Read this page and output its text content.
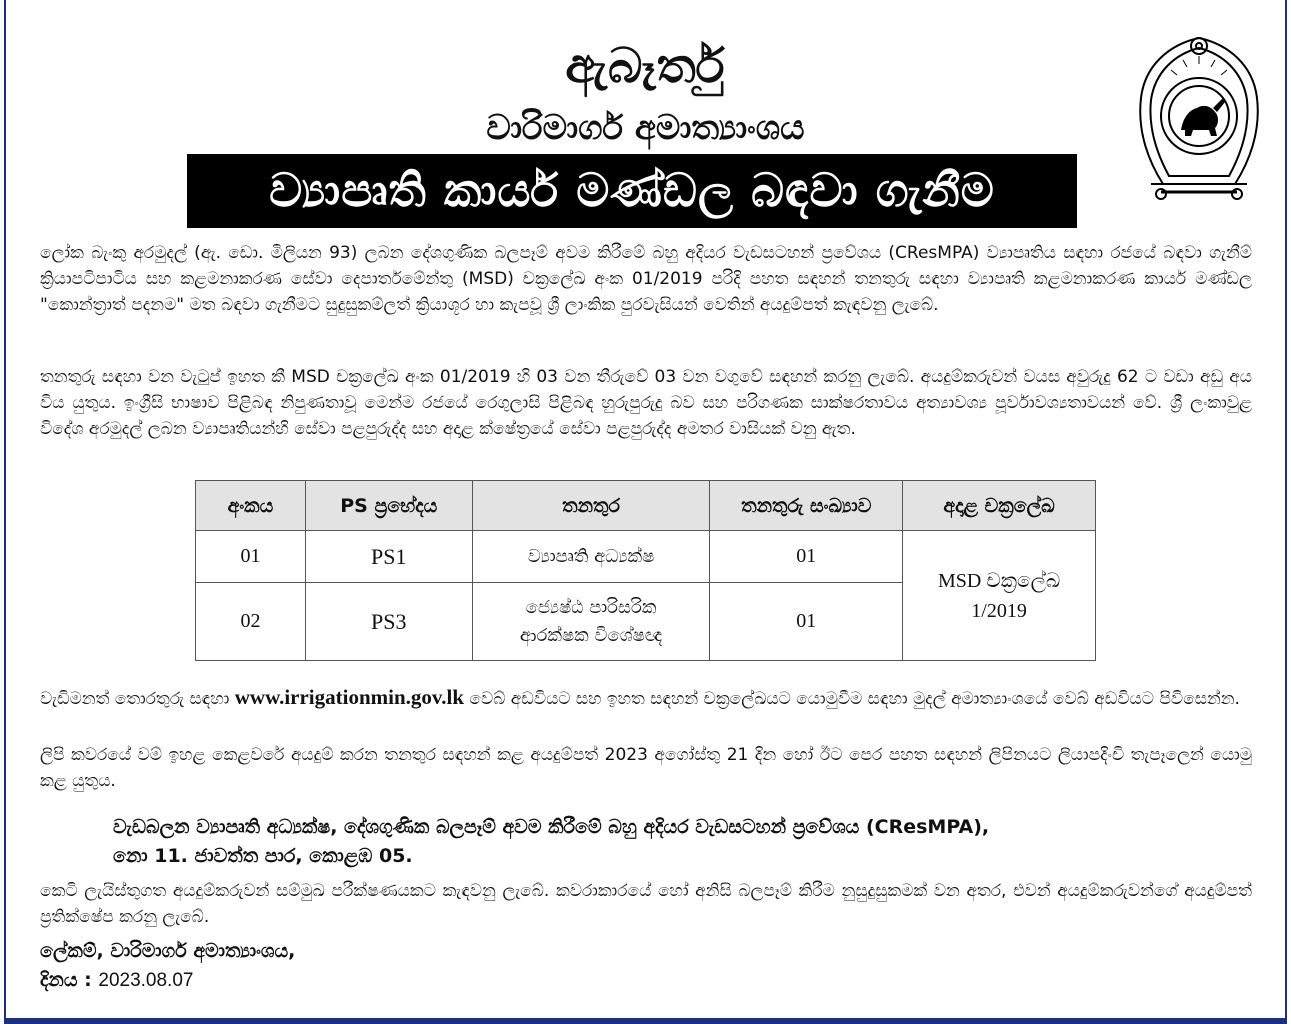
ඇබෑර්තු
වාරිමාර්ග අමාත්‍යාංශය
ව්‍යාපෘති කාර්ය මණ්ඩල බඳවා ගැනීම
ලෝක බැංකු අරමුදල් (ඇ. ඩො. මිලියන 93) ලබන දේශගුණික බලපෑම් අවම කිරීමේ බහු අදියර වැඩසටහන් ප්‍රවේශය (CResMPA) ව්‍යාපෘතිය සඳහා රජයේ බඳවා ගැනීම් ක්‍රියාපටිපාටිය සහ කළමනාකරණ සේවා දෙපාර්තමේන්තු (MSD) චක්‍රලේඛ අංක 01/2019 පරිදි පහත සඳහන් තනතුරු සඳහා ව්‍යාපෘති කළමනාකරණ කාර්ය මණ්ඩල "කොන්ත්‍රාත් පදනම" මත බඳවා ගැනීමට සුදුසුකම්ලත් ක්‍රියාශූර හා කැපවූ ශ්‍රී ලාංකික පුරවැසියන් වෙතින් අයදුම්පත් කැඳවනු ලැබේ.
තනතුරු සඳහා වන වැටුප් ඉහත කී MSD චක්‍රලේඛ අංක 01/2019 හි 03 වන තීරුවේ 03 වන වගුවේ සඳහන් කරනු ලැබේ. අයදුම්කරුවන් වයස අවුරුදු 62 ට වඩා අඩු අය විය යුතුය. ඉංග්‍රීසි භාෂාව පිළිබඳ නිපුණතාවූ මෙන්ම රජයේ රෙගුලාසි පිළිබඳ හුරුපුරුදු බව සහ පරිගණක සාක්ෂරතාවය අත්‍යාවශ්‍ය පූර්වාවශ්‍යතාවයන් වේ. ශ්‍රී ලංකාවුළ විදේශ අරමුදල් ලබන ව්‍යාපෘතියන්හි සේවා පළපුරුද්ද සහ අදාළ ක්ෂේත්‍රයේ සේවා පළපුරුද්ද අමතර වාසියක් වනු ඇත.
අංකය	PS ප්‍රභේදය	තනතුර	තනතුරු සංඛ්‍යාව	අදාළ චක්‍රලේඛ
01	PS1	ව්‍යාපෘති අධ්‍යක්ෂ	01	MSD චක්‍රලේඛ
1/2019

02	PS3	ජ්‍යෙෂ්ඨ පාරිසරික
ආරක්ෂක විශේෂඥ	01	
වැඩිමනත් තොරතුරු සඳහා www.irrigationmin.gov.lk වෙබ් අඩවියට සහ ඉහත සඳහන් චක්‍රලේඛයට යොමුවීම සඳහා මුදල් අමාත්‍යාංශයේ වෙබ් අඩවියට පිවිසෙන්න.
ලිපි කවරයේ වම් ඉහළ කෙළවරේ අයදුම් කරන තනතුර සඳහන් කළ අයදුම්පත් 2023 අගෝස්තු 21 දින හෝ ඊට පෙර පහත සඳහන් ලිපිනයට ලියාපදිංචි තැපෑලෙන් යොමු කළ යුතුය.
වැඩබලන ව්‍යාපෘති අධ්‍යක්ෂ, දේශගුණික බලපෑම් අවම කිරීමේ බහු අදියර වැඩසටහන් ප්‍රවේශය (CResMPA),
නො 11. ජාවත්ත පාර, කොළඹ 05.
කෙටි ලැයිස්තුගත අයදුම්කරුවන් සම්මුඛ පරීක්ෂණයකට කැඳවනු ලැබේ. කවරාකාරයේ හෝ අනිසි බලපෑම් කිරීම නුසුදුසුකමක් වන අතර, එවන් අයදුම්කරුවන්ගේ අයදුම්පත් ප්‍රතික්ෂේප කරනු ලැබේ.
ලේකම්, වාරිමාර්ග අමාත්‍යාංශය,
දිනය : 2023.08.07
